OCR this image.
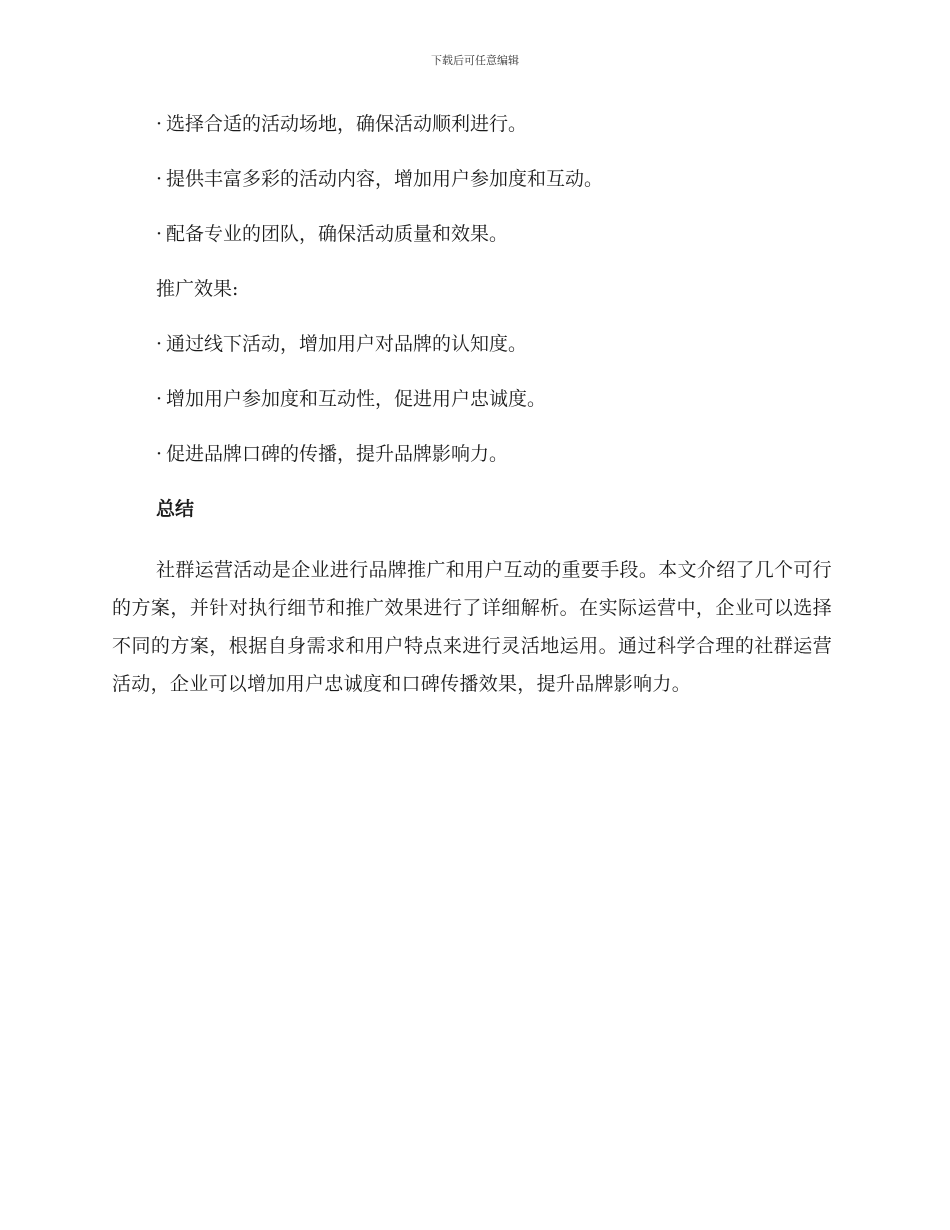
下载后可任意编辑

· 选择合适的活动场地，确保活动顺利进行。

· 提供丰富多彩的活动内容，增加用户参加度和互动。

· 配备专业的团队，确保活动质量和效果。

推广效果:

· 通过线下活动，增加用户对品牌的认知度。

· 增加用户参加度和互动性，促进用户忠诚度。

· 促进品牌口碑的传播，提升品牌影响力。

总结

社群运营活动是企业进行品牌推广和用户互动的重要手段。本文介绍了几个可行的方案，并针对执行细节和推广效果进行了详细解析。在实际运营中，企业可以选择不同的方案，根据自身需求和用户特点来进行灵活地运用。通过科学合理的社群运营活动，企业可以增加用户忠诚度和口碑传播效果，提升品牌影响力。
